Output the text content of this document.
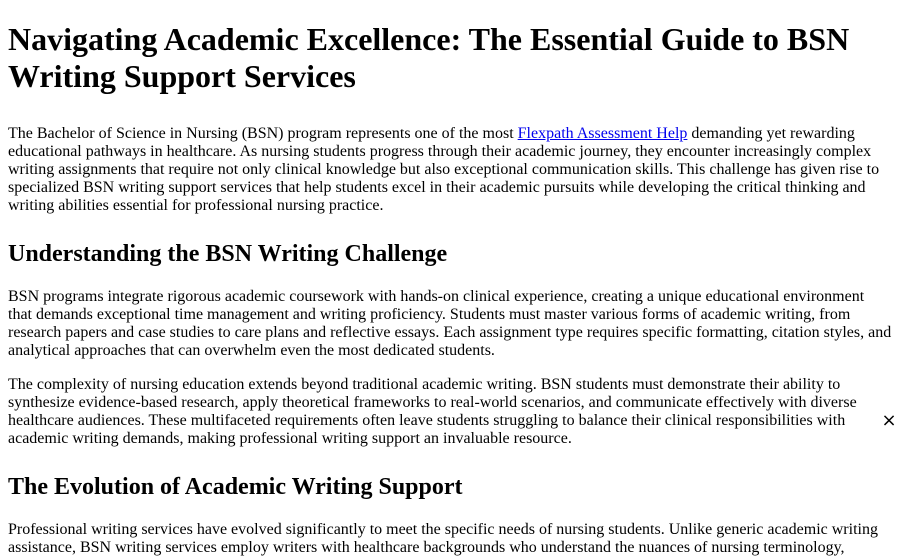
Navigating Academic Excellence: The Essential Guide to BSN Writing Support Services

The Bachelor of Science in Nursing (BSN) program represents one of the most Flexpath Assessment Help demanding yet rewarding educational pathways in healthcare. As nursing students progress through their academic journey, they encounter increasingly complex writing assignments that require not only clinical knowledge but also exceptional communication skills. This challenge has given rise to specialized BSN writing support services that help students excel in their academic pursuits while developing the critical thinking and writing abilities essential for professional nursing practice.

Understanding the BSN Writing Challenge

BSN programs integrate rigorous academic coursework with hands-on clinical experience, creating a unique educational environment that demands exceptional time management and writing proficiency. Students must master various forms of academic writing, from research papers and case studies to care plans and reflective essays. Each assignment type requires specific formatting, citation styles, and analytical approaches that can overwhelm even the most dedicated students.

The complexity of nursing education extends beyond traditional academic writing. BSN students must demonstrate their ability to synthesize evidence-based research, apply theoretical frameworks to real-world scenarios, and communicate effectively with diverse healthcare audiences. These multifaceted requirements often leave students struggling to balance their clinical responsibilities with academic writing demands, making professional writing support an invaluable resource.

The Evolution of Academic Writing Support

Professional writing services have evolved significantly to meet the specific needs of nursing students. Unlike generic academic writing assistance, BSN writing services employ writers with healthcare backgrounds who understand the nuances of nursing terminology,

×
